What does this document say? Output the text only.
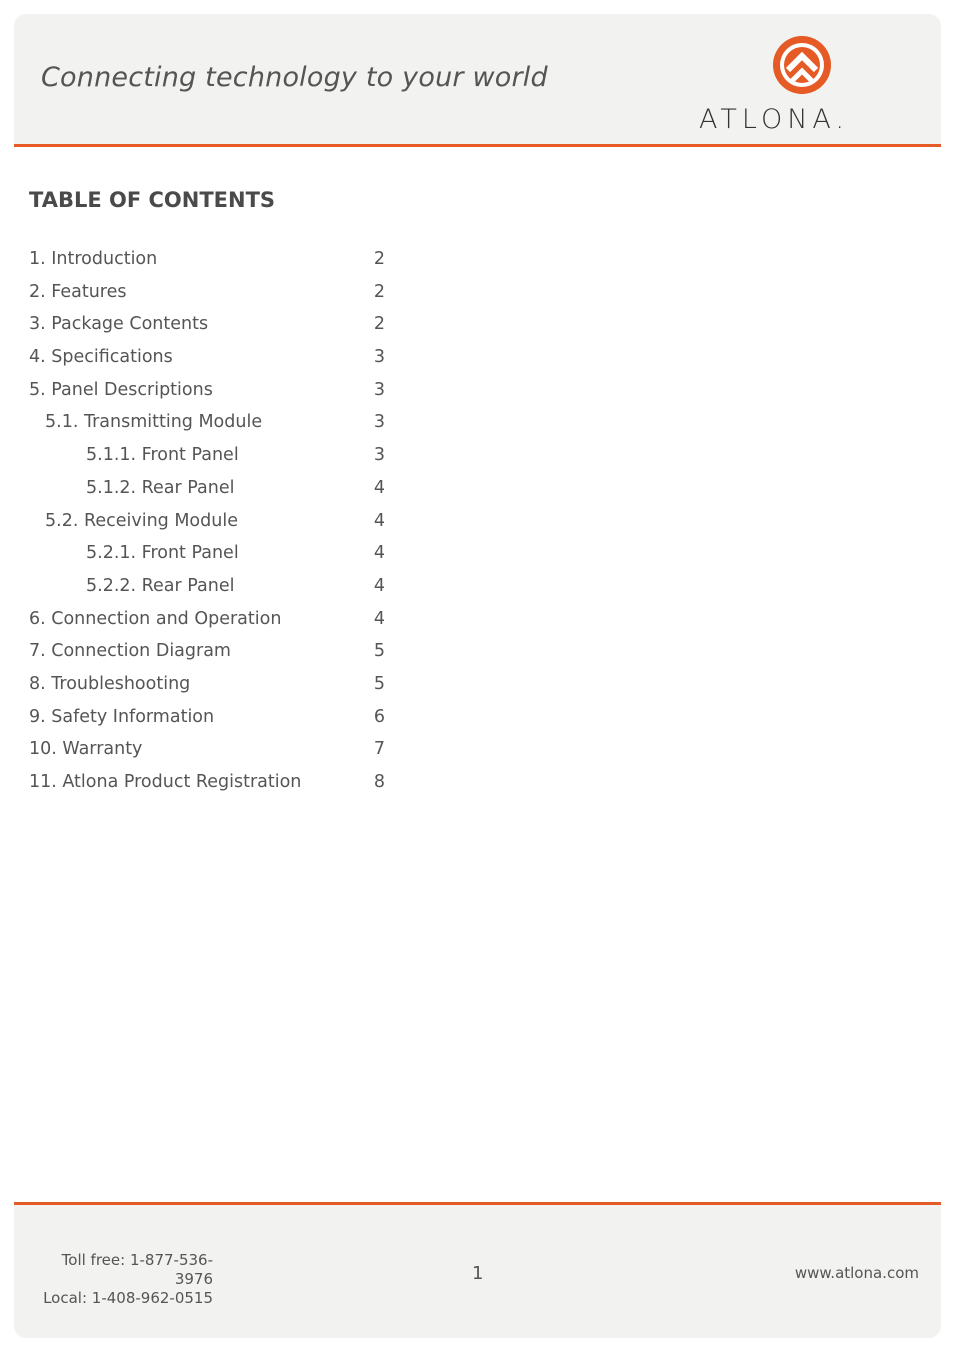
Connecting technology to your world
ATLONA.
TABLE OF CONTENTS
1. Introduction	2
2. Features	2
3. Package Contents	2
4. Specifications	3
5. Panel Descriptions	3
5.1. Transmitting Module	3
5.1.1. Front Panel	3
5.1.2. Rear Panel	4
5.2. Receiving Module	4
5.2.1. Front Panel	4
5.2.2. Rear Panel	4
6. Connection and Operation	4
7. Connection Diagram	5
8. Troubleshooting	5
9. Safety Information	6
10. Warranty	7
11. Atlona Product Registration	8
Toll free: 1-877-536-3976
Local: 1-408-962-0515
1	www.atlona.com
